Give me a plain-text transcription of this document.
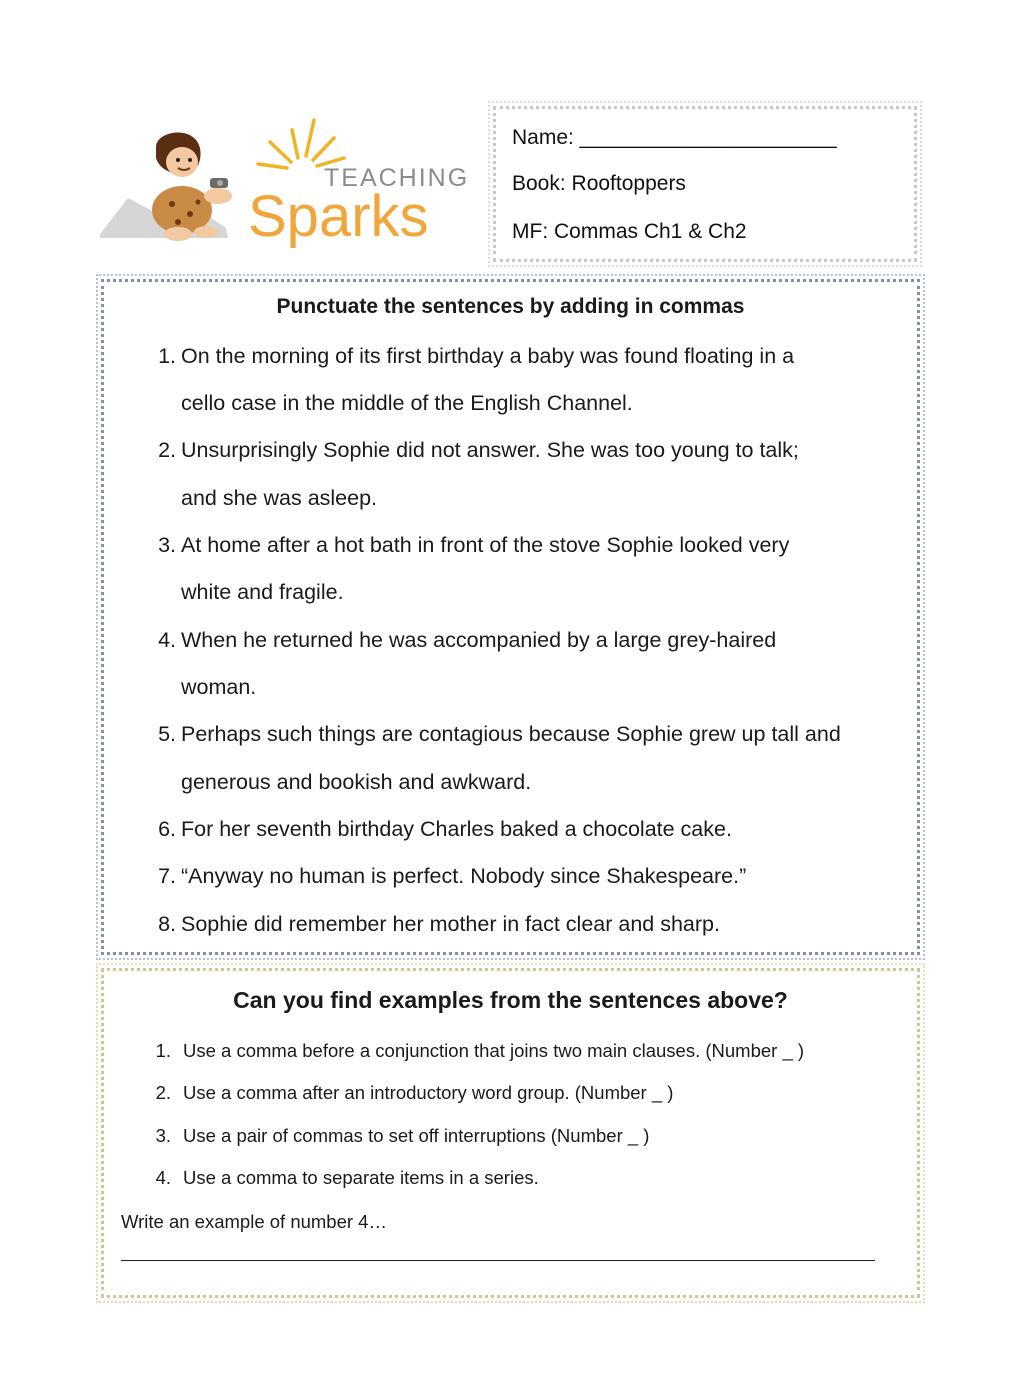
TEACHING
Sparks
Name: ______________________
Book: Rooftoppers
MF: Commas Ch1 & Ch2
Punctuate the sentences by adding in commas
1. On the morning of its first birthday a baby was found floating in a
cello case in the middle of the English Channel.
2. Unsurprisingly Sophie did not answer. She was too young to talk;
and she was asleep.
3. At home after a hot bath in front of the stove Sophie looked very
white and fragile.
4. When he returned he was accompanied by a large grey-haired
woman.
5. Perhaps such things are contagious because Sophie grew up tall and
generous and bookish and awkward.
6. For her seventh birthday Charles baked a chocolate cake.
7. “Anyway no human is perfect. Nobody since Shakespeare.”
8. Sophie did remember her mother in fact clear and sharp.
Can you find examples from the sentences above?
1. Use a comma before a conjunction that joins two main clauses. (Number _ )
2. Use a comma after an introductory word group. (Number _ )
3. Use a pair of commas to set off interruptions (Number _ )
4. Use a comma to separate items in a series.
Write an example of number 4…
